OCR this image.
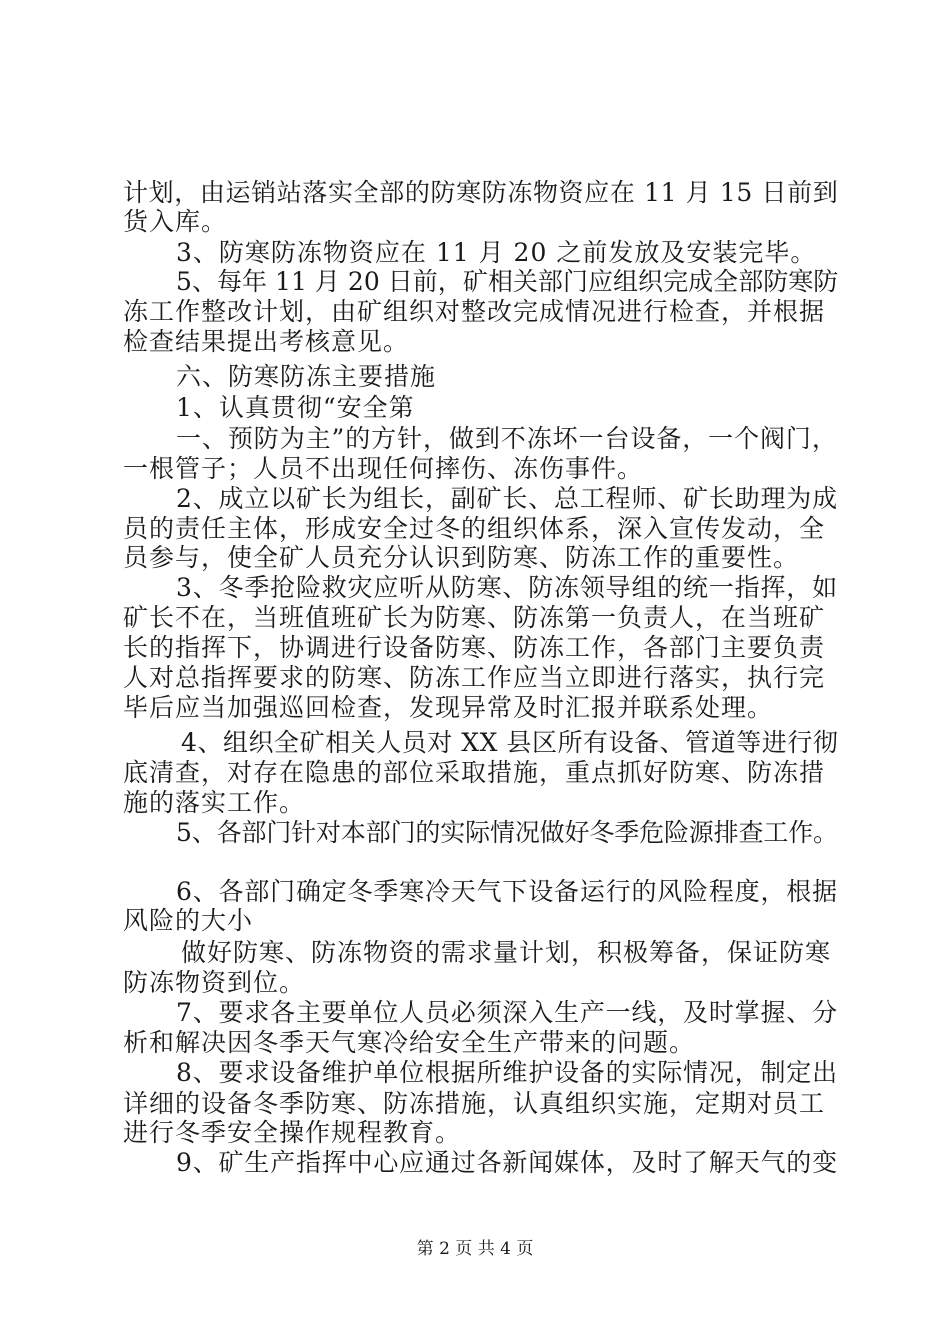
计划，由运销站落实全部的防寒防冻物资应在 11 月 15 日前到
货入库。
3、防寒防冻物资应在 11 月 20 之前发放及安装完毕。
5、每年 11 月 20 日前，矿相关部门应组织完成全部防寒防
冻工作整改计划，由矿组织对整改完成情况进行检查，并根据
检查结果提出考核意见。
六、防寒防冻主要措施
1、认真贯彻“安全第
一、预防为主”的方针，做到不冻坏一台设备，一个阀门，
一根管子；人员不出现任何摔伤、冻伤事件。
2、成立以矿长为组长，副矿长、总工程师、矿长助理为成
员的责任主体，形成安全过冬的组织体系，深入宣传发动，全
员参与，使全矿人员充分认识到防寒、防冻工作的重要性。
3、冬季抢险救灾应听从防寒、防冻领导组的统一指挥，如
矿长不在，当班值班矿长为防寒、防冻第一负责人，在当班矿
长的指挥下，协调进行设备防寒、防冻工作，各部门主要负责
人对总指挥要求的防寒、防冻工作应当立即进行落实，执行完
毕后应当加强巡回检查，发现异常及时汇报并联系处理。
4、组织全矿相关人员对 XX 县区所有设备、管道等进行彻
底清查，对存在隐患的部位采取措施，重点抓好防寒、防冻措
施的落实工作。
5、各部门针对本部门的实际情况做好冬季危险源排查工作。
6、各部门确定冬季寒冷天气下设备运行的风险程度，根据
风险的大小
做好防寒、防冻物资的需求量计划，积极筹备，保证防寒
防冻物资到位。
7、要求各主要单位人员必须深入生产一线，及时掌握、分
析和解决因冬季天气寒冷给安全生产带来的问题。
8、要求设备维护单位根据所维护设备的实际情况，制定出
详细的设备冬季防寒、防冻措施，认真组织实施，定期对员工
进行冬季安全操作规程教育。
9、矿生产指挥中心应通过各新闻媒体，及时了解天气的变
第 2 页 共 4 页
